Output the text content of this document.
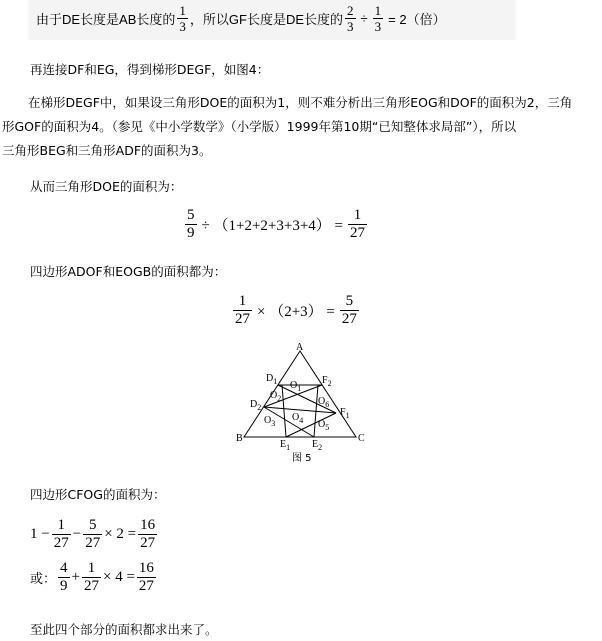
由于DE长度是AB长度的 $\frac{1}{3}$ ，所以GF长度是DE长度的 $\frac{2}{3} \div \frac{1}{3} = 2$（倍）
再连接DF和EG，得到梯形DEGF，如图4：
在梯形DEGF中，如果设三角形DOE的面积为1，则不难分析出三角形EOG和DOF的面积为2，三角
形GOF的面积为4。（参见《中小学数学》（小学版）1999年第10期“已知整体求局部”），所以
三角形BEG和三角形ADF的面积为3。
从而三角形DOE的面积为：
$\frac{5}{9} \div (1+2+2+3+3+4) = \frac{1}{27}$
四边形ADOF和EOGB的面积都为：
$\frac{1}{27} \times (2+3) = \frac{5}{27}$
A
B	C
$D_1$
$D_2$
$F_2$
$F_1$
$E_1$ $E_2$
$O_1$
$O_2$
$O_3$
$O_4$ $O_5$
$O_6$
图 5
四边形CFOG的面积为：
$1 - \frac{1}{27} - \frac{5}{27} \times 2 = \frac{16}{27}$
或： $\frac{4}{9} + \frac{1}{27} \times 4 = \frac{16}{27}$
至此四个部分的面积都求出来了。
